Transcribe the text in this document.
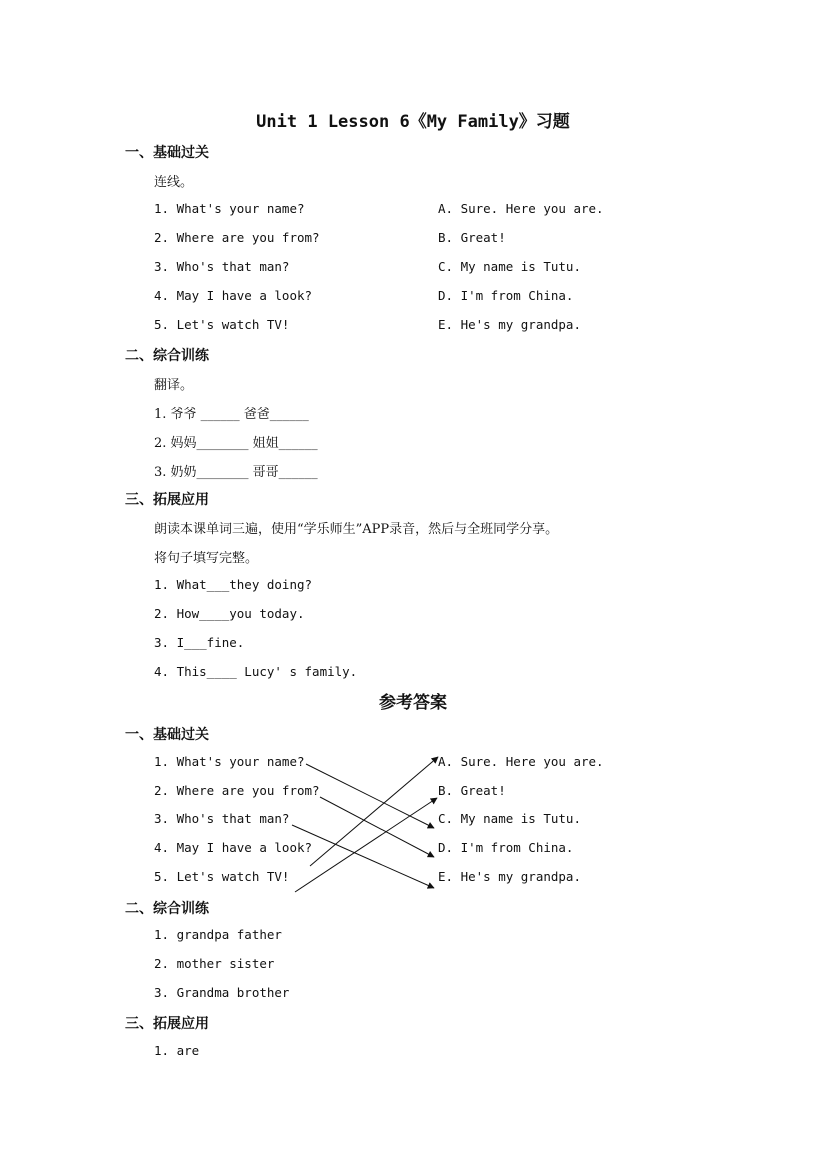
Unit 1 Lesson 6《My Family》习题
一、基础过关
连线。
1. What's your name?
2. Where are you from?
3. Who's that man?
4. May I have a look?
5. Let's watch TV!
A. Sure. Here you are.
B. Great!
C. My name is Tutu.
D. I'm from China.
E. He's my grandpa.
二、综合训练
翻译。
1. 爷爷 ______ 爸爸______
2. 妈妈________ 姐姐______
3. 奶奶________ 哥哥______
三、拓展应用
朗读本课单词三遍，使用“学乐师生”APP录音，然后与全班同学分享。
将句子填写完整。
1. What___they doing?
2. How____you today.
3. I___fine.
4. This____ Lucy' s family.
参考答案
一、基础过关
1. What's your name?
2. Where are you from?
3. Who's that man?
4. May I have a look?
5. Let's watch TV!
A. Sure. Here you are.
B. Great!
C. My name is Tutu.
D. I'm from China.
E. He's my grandpa.
二、综合训练
1. grandpa father
2. mother sister
3. Grandma brother
三、拓展应用
1. are
